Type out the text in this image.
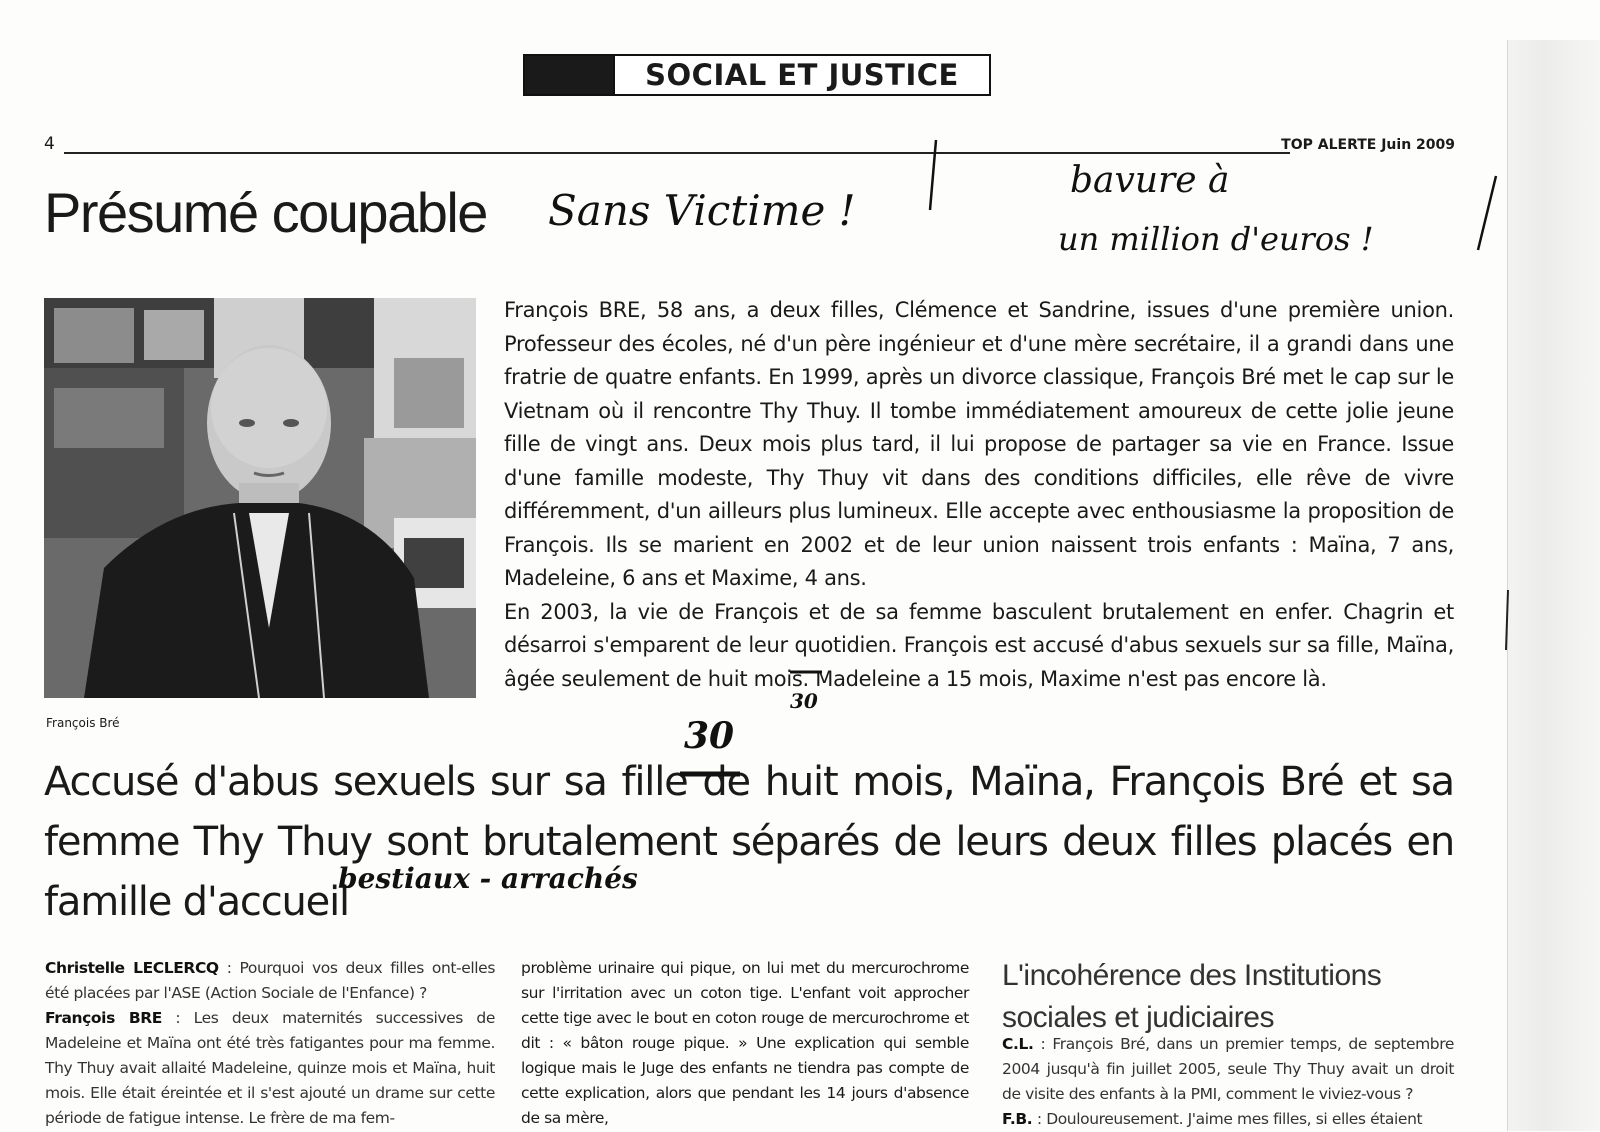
SOCIAL ET JUSTICE
4	TOP ALERTE Juin 2009
Présumé coupable
François Bré
François BRE, 58 ans, a deux filles, Clémence et Sandrine, issues d'une première union. Professeur des écoles, né d'un père ingénieur et d'une mère secrétaire, il a grandi dans une fratrie de quatre enfants. En 1999, après un divorce classique, François Bré met le cap sur le Vietnam où il rencontre Thy Thuy. Il tombe immédiatement amoureux de cette jolie jeune fille de vingt ans. Deux mois plus tard, il lui propose de partager sa vie en France. Issue d'une famille modeste, Thy Thuy vit dans des conditions difficiles, elle rêve de vivre différemment, d'un ailleurs plus lumineux. Elle accepte avec enthousiasme la proposition de François. Ils se marient en 2002 et de leur union naissent trois enfants : Maïna, 7 ans, Madeleine, 6 ans et Maxime, 4 ans.
En 2003, la vie de François et de sa femme basculent brutalement en enfer. Chagrin et désarroi s'emparent de leur quotidien. François est accusé d'abus sexuels sur sa fille, Maïna, âgée seulement de huit mois. Madeleine a 15 mois, Maxime n'est pas encore là.
Accusé d'abus sexuels sur sa fille de huit mois, Maïna, François Bré et sa femme Thy Thuy sont brutalement séparés de leurs deux filles placés en famille d'accueil
Christelle LECLERCQ : Pourquoi vos deux filles ont-elles été placées par l'ASE (Action Sociale de l'Enfance) ?
François BRE : Les deux maternités successives de Madeleine et Maïna ont été très fatigantes pour ma femme. Thy Thuy avait allaité Madeleine, quinze mois et Maïna, huit mois. Elle était éreintée et il s'est ajouté un drame sur cette période de fatigue intense. Le frère de ma fem-
problème urinaire qui pique, on lui met du mercurochrome sur l'irritation avec un coton tige. L'enfant voit approcher cette tige avec le bout en coton rouge de mercurochrome et dit : « bâton rouge pique. » Une explication qui semble logique mais le Juge des enfants ne tiendra pas compte de cette explication, alors que pendant les 14 jours d'absence de sa mère,
L'incohérence des Institutions sociales et judiciaires
C.L. : François Bré, dans un premier temps, de septembre 2004 jusqu'à fin juillet 2005, seule Thy Thuy avait un droit de visite des enfants à la PMI, comment le viviez-vous ?
F.B. : Douloureusement. J'aime mes filles, si elles étaient
Sans Victime !
bavure à
un million d'euros !
30
30
bestiaux - arrachés
